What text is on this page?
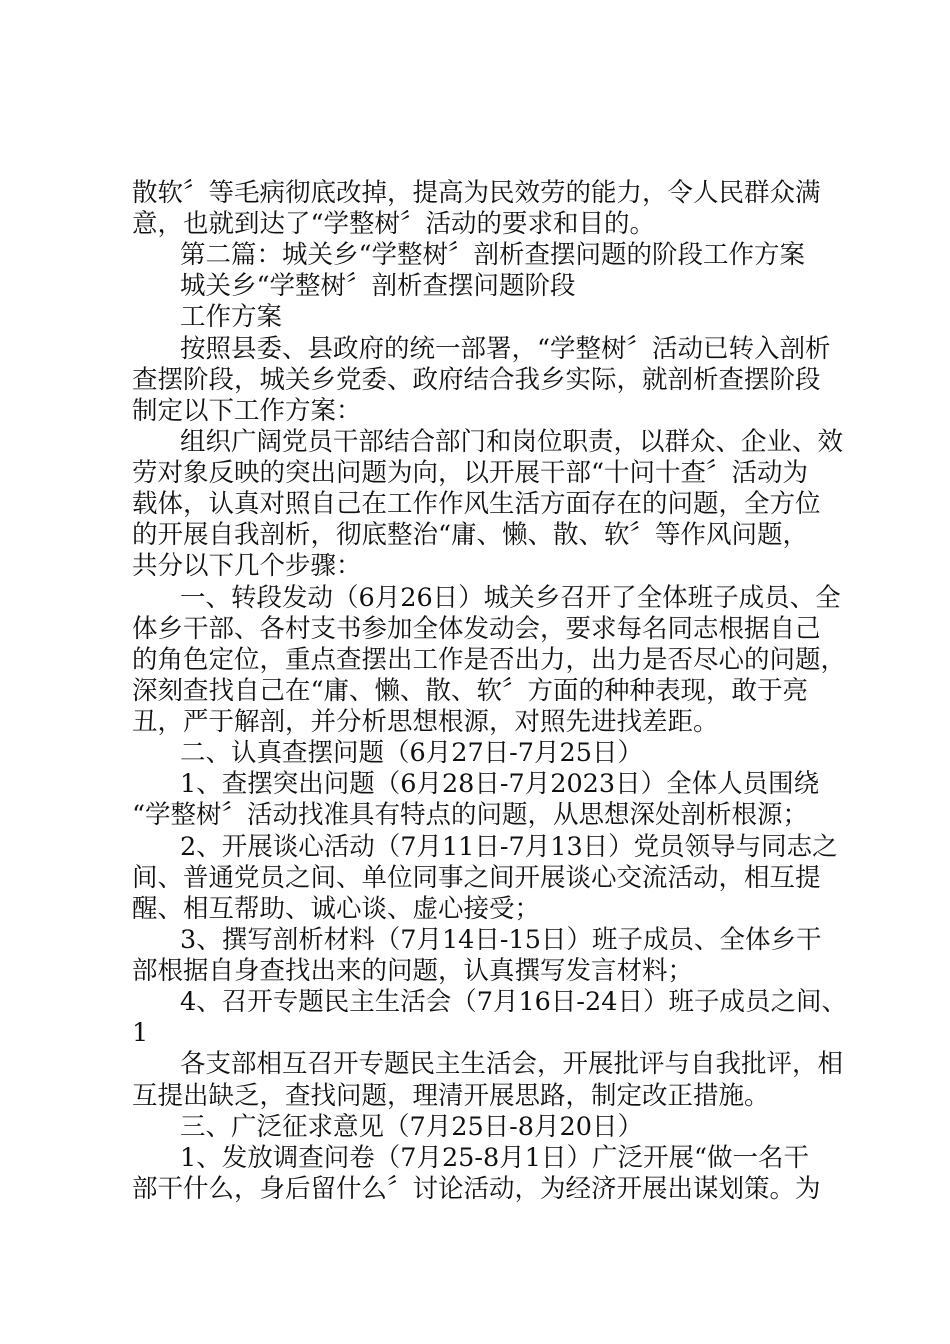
散软〞等毛病彻底改掉，提高为民效劳的能力，令人民群众满
意，也就到达了“学整树〞活动的要求和目的。
第二篇：城关乡“学整树〞剖析查摆问题的阶段工作方案
城关乡“学整树〞剖析查摆问题阶段
工作方案
按照县委、县政府的统一部署，“学整树〞活动已转入剖析
查摆阶段，城关乡党委、政府结合我乡实际，就剖析查摆阶段
制定以下工作方案：
组织广阔党员干部结合部门和岗位职责，以群众、企业、效
劳对象反映的突出问题为向，以开展干部“十问十查〞活动为
载体，认真对照自己在工作作风生活方面存在的问题，全方位
的开展自我剖析，彻底整治“庸、懒、散、软〞等作风问题，
共分以下几个步骤：
一、转段发动（6月26日）城关乡召开了全体班子成员、全
体乡干部、各村支书参加全体发动会，要求每名同志根据自己
的角色定位，重点查摆出工作是否出力，出力是否尽心的问题，
深刻查找自己在“庸、懒、散、软〞方面的种种表现，敢于亮
丑，严于解剖，并分析思想根源，对照先进找差距。
二、认真查摆问题（6月27日-7月25日）
1、查摆突出问题（6月28日-7月2023日）全体人员围绕
“学整树〞活动找准具有特点的问题，从思想深处剖析根源；
2、开展谈心活动（7月11日-7月13日）党员领导与同志之
间、普通党员之间、单位同事之间开展谈心交流活动，相互提
醒、相互帮助、诚心谈、虚心接受；
3、撰写剖析材料（7月14日-15日）班子成员、全体乡干
部根据自身查找出来的问题，认真撰写发言材料；
4、召开专题民主生活会（7月16日-24日）班子成员之间、
1
各支部相互召开专题民主生活会，开展批评与自我批评，相
互提出缺乏，查找问题，理清开展思路，制定改正措施。
三、广泛征求意见（7月25日-8月20日）
1、发放调查问卷（7月25-8月1日）广泛开展“做一名干
部干什么，身后留什么〞讨论活动，为经济开展出谋划策。为
